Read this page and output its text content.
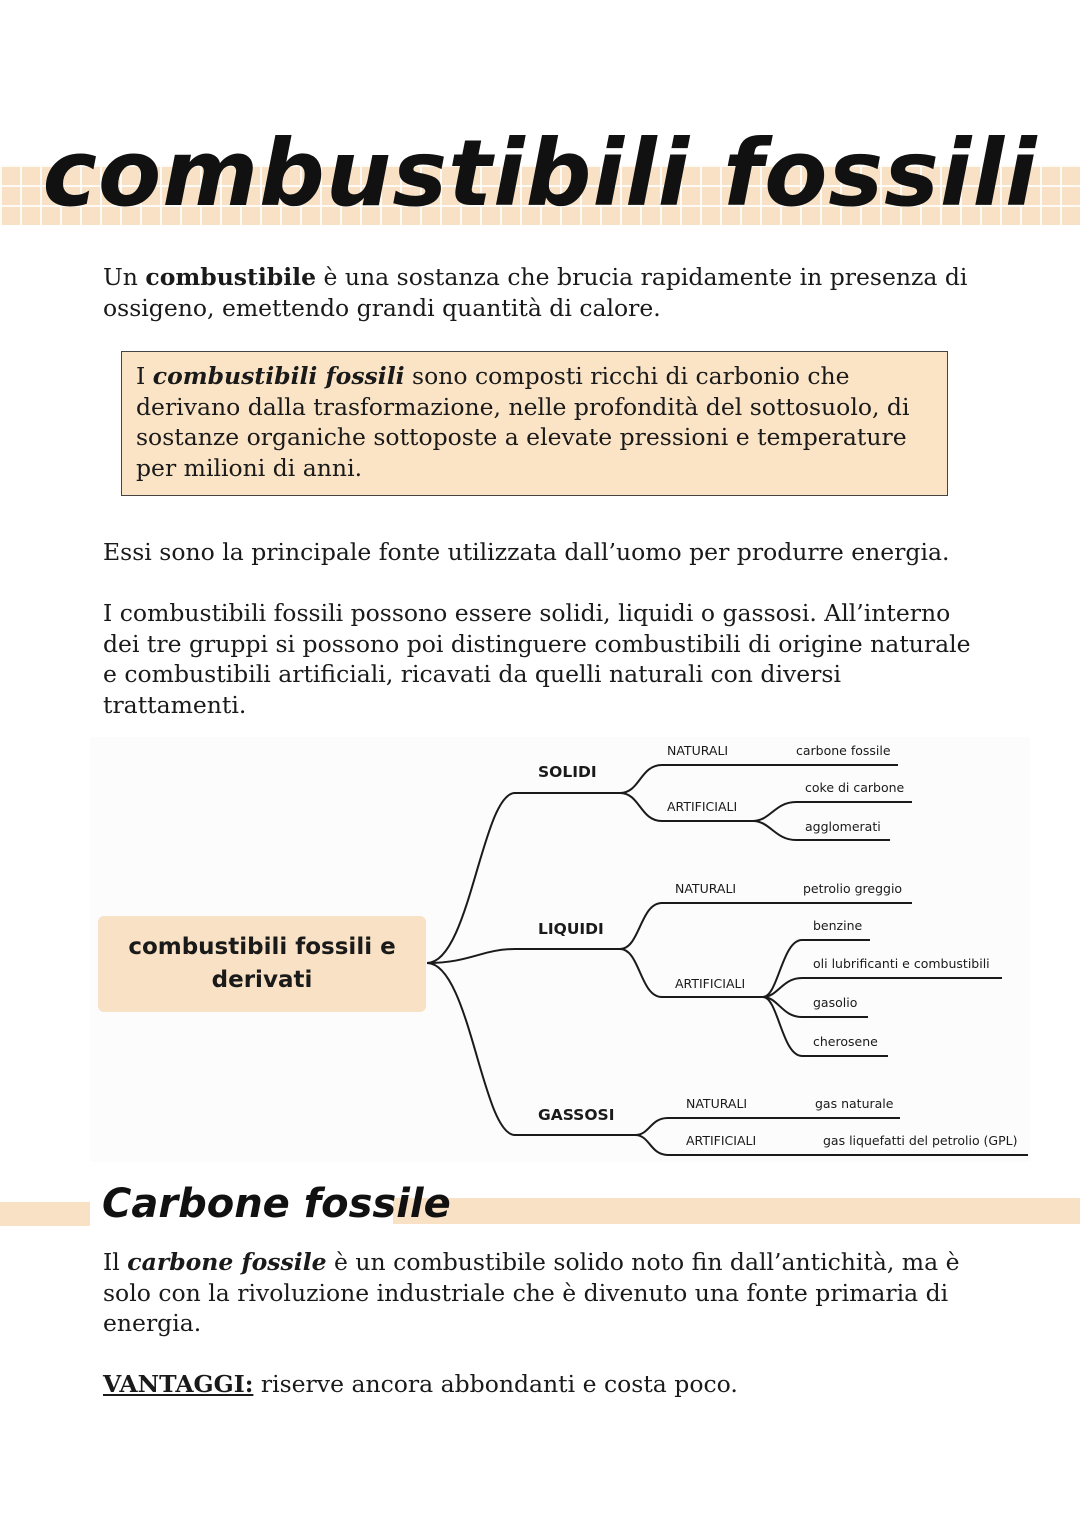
combustibili fossili

Un combustibile è una sostanza che brucia rapidamente in presenza di ossigeno, emettendo grandi quantità di calore.

I combustibili fossili sono composti ricchi di carbonio che derivano dalla trasformazione, nelle profondità del sottosuolo, di sostanze organiche sottoposte a elevate pressioni e temperature per milioni di anni.

Essi sono la principale fonte utilizzata dall’uomo per produrre energia.

I combustibili fossili possono essere solidi, liquidi o gassosi. All’interno dei tre gruppi si possono poi distinguere combustibili di origine naturale e combustibili artificiali, ricavati da quelli naturali con diversi trattamenti.

combustibili fossili e derivati
SOLIDI
LIQUIDI
GASSOSI
NATURALI
ARTIFICIALI
carbone fossile
coke di carbone
agglomerati
NATURALI
ARTIFICIALI
petrolio greggio
benzine
oli lubrificanti e combustibili
gasolio
cherosene
NATURALI
ARTIFICIALI
gas naturale
gas liquefatti del petrolio (GPL)
Carbone fossile

Il carbone fossile è un combustibile solido noto fin dall’antichità, ma è solo con la rivoluzione industriale che è divenuto una fonte primaria di energia.

VANTAGGI: riserve ancora abbondanti e costa poco.
